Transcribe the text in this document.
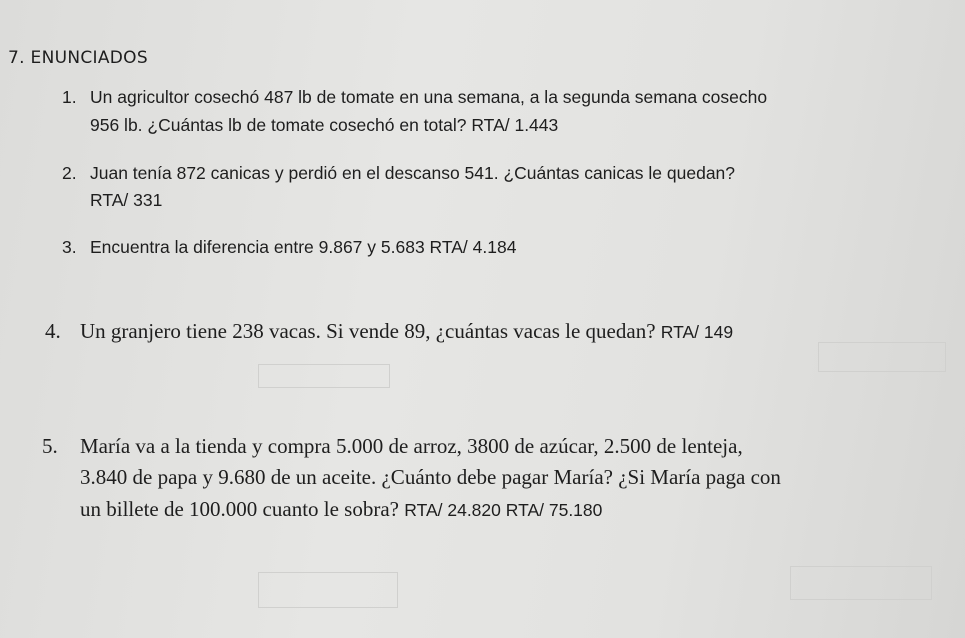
7. ENUNCIADOS
1. Un agricultor cosechó 487 lb de tomate en una semana, a la segunda semana cosecho
956 lb. ¿Cuántas lb de tomate cosechó en total? RTA/ 1.443
2. Juan tenía 872 canicas y perdió en el descanso 541. ¿Cuántas canicas le quedan?
RTA/ 331
3. Encuentra la diferencia entre 9.867 y 5.683 RTA/ 4.184
4. Un granjero tiene 238 vacas. Si vende 89, ¿cuántas vacas le quedan? RTA/ 149
5. María va a la tienda y compra 5.000 de arroz, 3800 de azúcar, 2.500 de lenteja,
3.840 de papa y 9.680 de un aceite. ¿Cuánto debe pagar María? ¿Si María paga con
un billete de 100.000 cuanto le sobra? RTA/ 24.820 RTA/ 75.180
